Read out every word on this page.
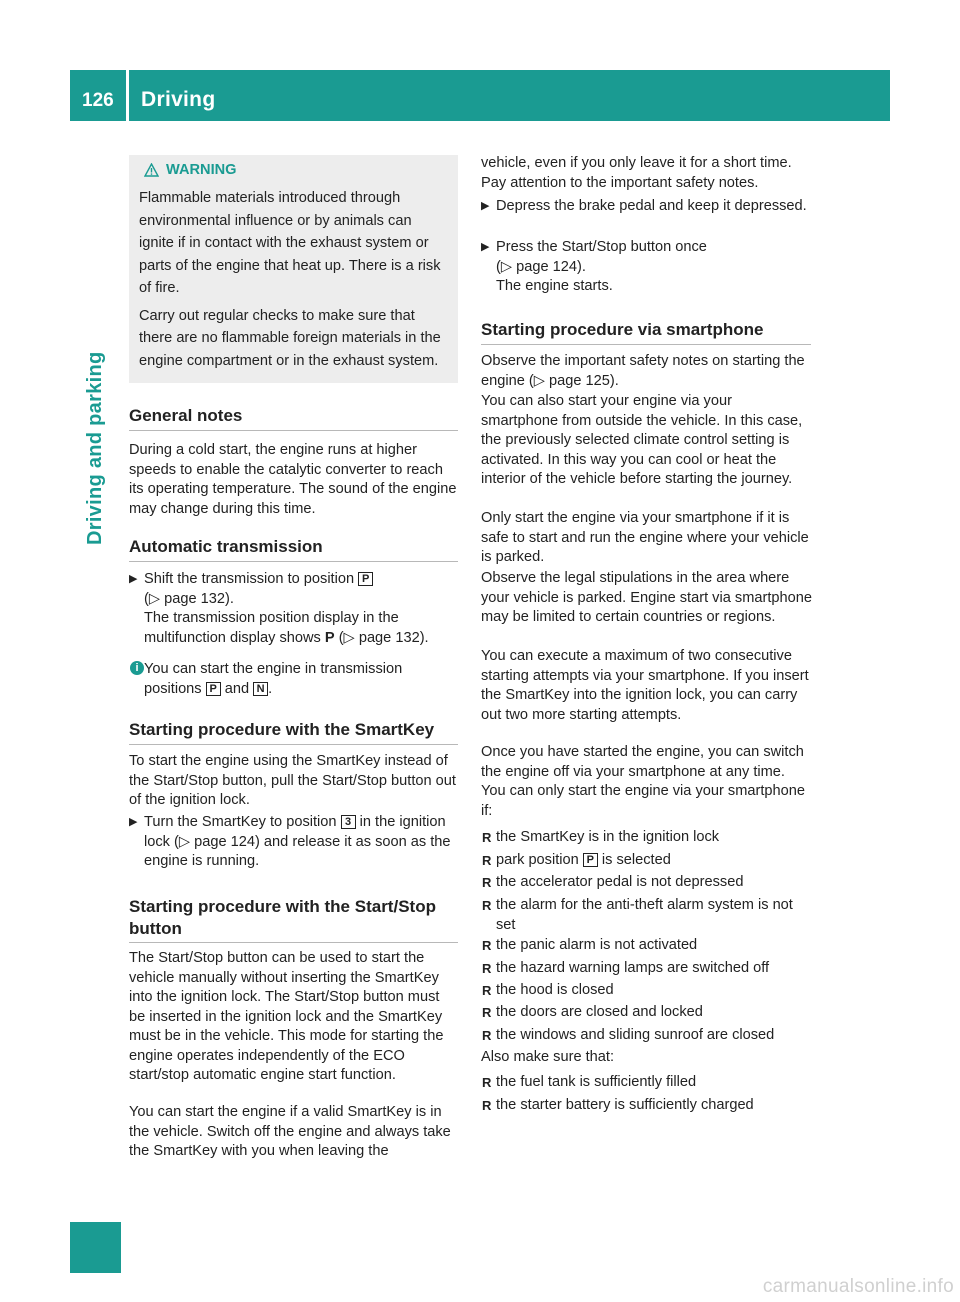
126 Driving
Driving and parking
WARNING

Flammable materials introduced through environmental influence or by animals can ignite if in contact with the exhaust system or parts of the engine that heat up. There is a risk of fire.

Carry out regular checks to make sure that there are no flammable foreign materials in the engine compartment or in the exhaust system.

General notes

During a cold start, the engine runs at higher speeds to enable the catalytic converter to reach its operating temperature. The sound of the engine may change during this time.

Automatic transmission
▶ Shift the transmission to position P
(▷ page 132).
The transmission position display in the multifunction display shows P (▷ page 132).
i You can start the engine in transmission positions P and N .
Starting procedure with the SmartKey

To start the engine using the SmartKey instead of the Start/Stop button, pull the Start/Stop button out of the ignition lock.

▶ Turn the SmartKey to position 3 in the ignition lock (▷ page 124) and release it as soon as the engine is running.
Starting procedure with the Start/Stop button

The Start/Stop button can be used to start the vehicle manually without inserting the SmartKey into the ignition lock. The Start/Stop button must be inserted in the ignition lock and the SmartKey must be in the vehicle. This mode for starting the engine operates independently of the ECO start/stop automatic engine start function.

You can start the engine if a valid SmartKey is in the vehicle. Switch off the engine and always take the SmartKey with you when leaving the

vehicle, even if you only leave it for a short time. Pay attention to the important safety notes.

▶ Depress the brake pedal and keep it depressed.
▶ Press the Start/Stop button once
(▷ page 124).
The engine starts.
Starting procedure via smartphone

Observe the important safety notes on starting the engine (▷ page 125).

You can also start your engine via your smartphone from outside the vehicle. In this case, the previously selected climate control setting is activated. In this way you can cool or heat the interior of the vehicle before starting the journey.

Only start the engine via your smartphone if it is safe to start and run the engine where your vehicle is parked.

Observe the legal stipulations in the area where your vehicle is parked. Engine start via smartphone may be limited to certain countries or regions.

You can execute a maximum of two consecutive starting attempts via your smartphone. If you insert the SmartKey into the ignition lock, you can carry out two more starting attempts.

Once you have started the engine, you can switch the engine off via your smartphone at any time.

You can only start the engine via your smartphone if:

R the SmartKey is in the ignition lock
R park position P is selected
R the accelerator pedal is not depressed
R the alarm for the anti-theft alarm system is not set
R the panic alarm is not activated
R the hazard warning lamps are switched off
R the hood is closed
R the doors are closed and locked
R the windows and sliding sunroof are closed

Also make sure that:

R the fuel tank is sufficiently filled
R the starter battery is sufficiently charged
carmanualsonline.info
